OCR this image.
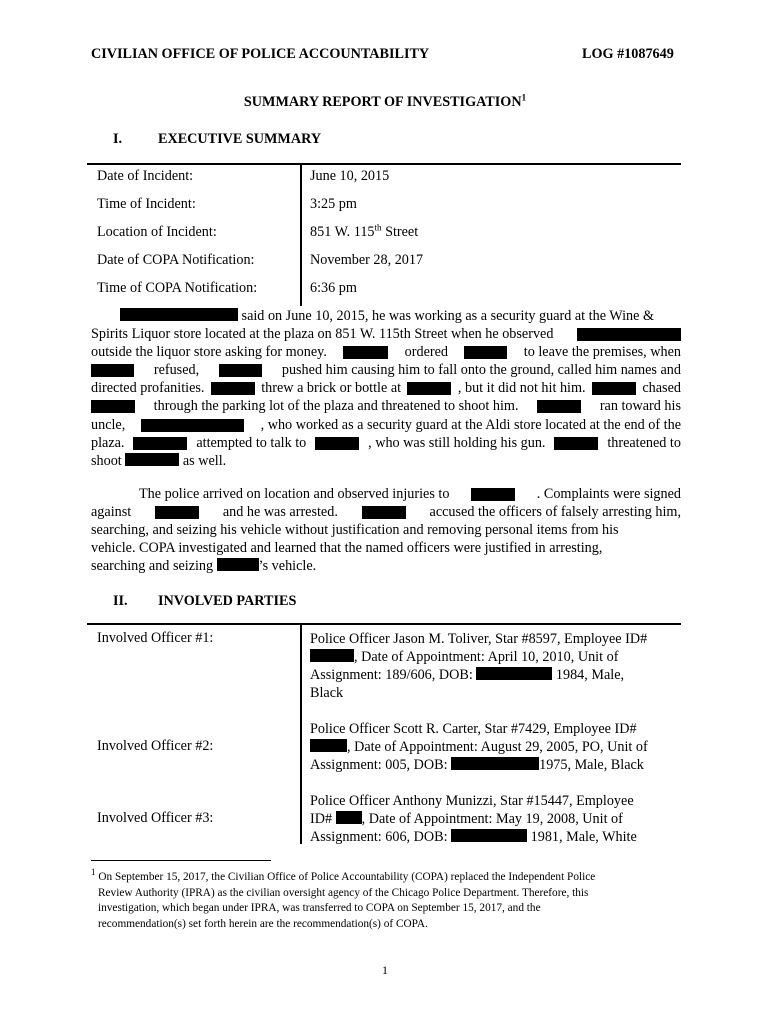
CIVILIAN OFFICE OF POLICE ACCOUNTABILITY	LOG #1087649
SUMMARY REPORT OF INVESTIGATION$^1$
I.	EXECUTIVE SUMMARY
Date of Incident:	June 10, 2015
Time of Incident:	3:25 pm
Location of Incident:	851 W. 115th Street
Date of COPA Notification:	November 28, 2017
Time of COPA Notification:	6:36 pm
said on June 10, 2015, he was working as a security guard at the Wine &
Spirits Liquor store located at the plaza on 851 W. 115th Street when he observed
outside the liquor store asking for money.	ordered	to leave the premises, when
refused,	pushed him causing him to fall onto the ground, called him names and
directed profanities.	threw a brick or bottle at	, but it did not hit him.	chased
through the parking lot of the plaza and threatened to shoot him.	ran toward his
uncle,	, who worked as a security guard at the Aldi store located at the end of the
plaza.	attempted to talk to	, who was still holding his gun.	threatened to
shoot	as well.
The police arrived on location and observed injuries to	. Complaints were signed
against	and he was arrested.	accused the officers of falsely arresting him,
searching, and seizing his vehicle without justification and removing personal items from his
vehicle. COPA investigated and learned that the named officers were justified in arresting,
searching and seizing	’s vehicle.
II. INVOLVED PARTIES
Involved Officer #1:	Police Officer Jason M. Toliver, Star #8597, Employee ID#
, Date of Appointment: April 10, 2010, Unit of
Assignment: 189/606, DOB:	1984, Male,
Black
Involved Officer #2:
Police Officer Scott R. Carter, Star #7429, Employee ID#
, Date of Appointment: August 29, 2005, PO, Unit of
Assignment: 005, DOB:	1975, Male, Black
Involved Officer #3:
Police Officer Anthony Munizzi, Star #15447, Employee
ID# , Date of Appointment: May 19, 2008, Unit of
Assignment: 606, DOB:	1981, Male, White
$^1$ On September 15, 2017, the Civilian Office of Police Accountability (COPA) replaced the Independent Police
Review Authority (IPRA) as the civilian oversight agency of the Chicago Police Department. Therefore, this
investigation, which began under IPRA, was transferred to COPA on September 15, 2017, and the
recommendation(s) set forth herein are the recommendation(s) of COPA.
1
